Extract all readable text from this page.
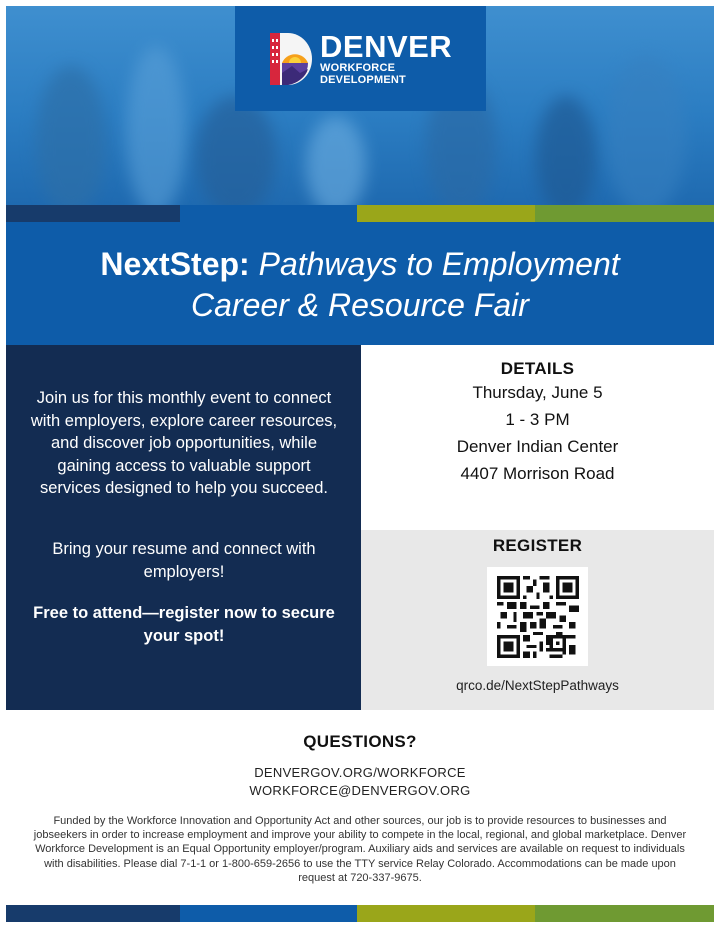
DENVER
WORKFORCE
DEVELOPMENT
NextStep: Pathways to Employment
Career & Resource Fair
Join us for this monthly event to connect with employers, explore career resources, and discover job opportunities, while gaining access to valuable support services designed to help you succeed.
Bring your resume and connect with employers!
Free to attend—register now to secure your spot!
DETAILS
Thursday, June 5
1 - 3 PM
Denver Indian Center
4407 Morrison Road
REGISTER
qrco.de/NextStepPathways
QUESTIONS?
DENVERGOV.ORG/WORKFORCE
WORKFORCE@DENVERGOV.ORG
Funded by the Workforce Innovation and Opportunity Act and other sources, our job is to provide resources to businesses and jobseekers in order to increase employment and improve your ability to compete in the local, regional, and global marketplace. Denver Workforce Development is an Equal Opportunity employer/program. Auxiliary aids and services are available on request to individuals with disabilities. Please dial 7-1-1 or 1-800-659-2656 to use the TTY service Relay Colorado. Accommodations can be made upon request at 720-337-9675.
